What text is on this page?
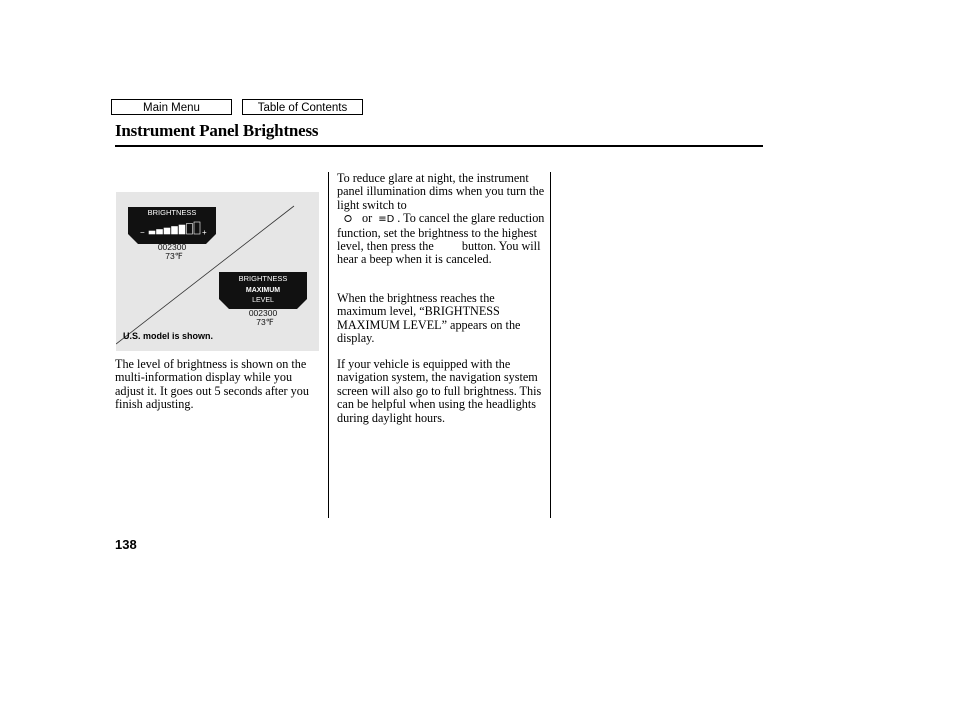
Main Menu	Table of Contents
Instrument Panel Brightness
BRIGHTNESS
−	+
002300
73℉
BRIGHTNESS
MAXIMUM
LEVEL
002300
73℉
U.S. model is shown.

The level of brightness is shown on the multi-information display while you adjust it. It goes out 5 seconds after you finish adjusting.

To reduce glare at night, the instrument panel illumination dims when you turn the light switch to
⭘ or ≡D . To cancel the glare reduction function, set the brightness to the highest level, then press the button. You will hear a beep when it is canceled.

When the brightness reaches the maximum level, “BRIGHTNESS MAXIMUM LEVEL” appears on the display.

If your vehicle is equipped with the navigation system, the navigation system screen will also go to full brightness. This can be helpful when using the headlights during daylight hours.

138
